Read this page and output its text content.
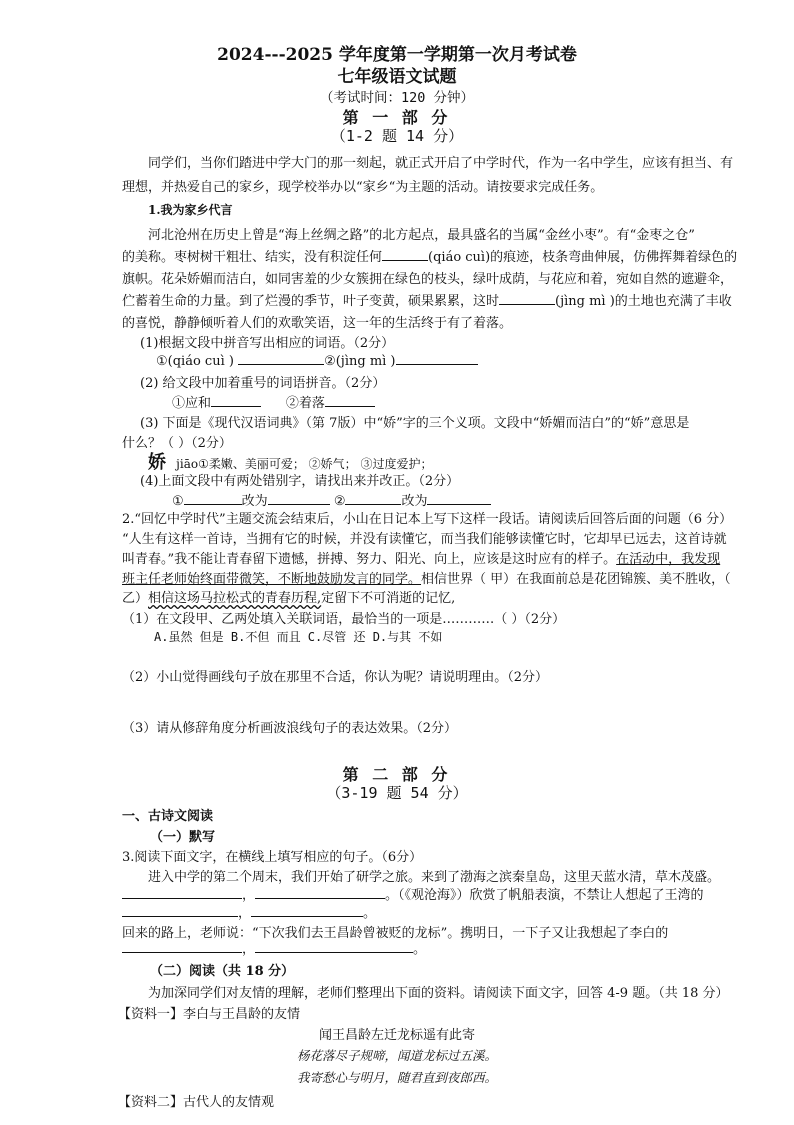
2024---2025 学年度第一学期第一次月考试卷
七年级语文试题
（考试时间：120 分钟）
第 一 部 分
（1-2 题 14 分）
同学们，当你们踏进中学大门的那一刻起，就正式开启了中学时代，作为一名中学生，应该有担当、有
理想，并热爱自己的家乡，现学校举办以“家乡“为主题的活动。请按要求完成任务。
1.我为家乡代言
河北沧州在历史上曾是“海上丝绸之路”的北方起点，最具盛名的当属“金丝小枣”。有“金枣之仓”
的美称。枣树树干粗壮、结实，没有积淀任何	(qiáo cuì)的痕迹，枝条弯曲伸展，仿佛挥舞着绿色的
旗帜。花朵娇媚而洁白，如同害羞的少女簇拥在绿色的枝头，绿叶成荫，与花应和着，宛如自然的遮避伞，
伫蓄着生命的力量。到了烂漫的季节，叶子变黄，硕果累累，这时	(jìng mì )的土地也充满了丰收
的喜悦，静静倾听着人们的欢歌笑语，这一年的生活终于有了着落。
(1)根据文段中拼音写出相应的词语。（2分）
①(qiáo cuì )	②(jìng mì )
(2) 给文段中加着重号的词语拼音。（2分）
①应和	②着落
(3) 下面是《现代汉语词典》（第 7版）中“娇”字的三个义项。文段中“娇媚而洁白”的“娇”意思是
什么？（ ）（2分）
娇 jiāo①柔嫩、美丽可爱； ②娇气； ③过度爱护；
(4)上面文段中有两处错别字，请找出来并改正。（2分）
①	改为	②	改为
2.“回忆中学时代”主题交流会结束后，小山在日记本上写下这样一段话。请阅读后回答后面的问题（6 分）
“人生有这样一首诗，当拥有它的时候，并没有读懂它，而当我们能够读懂它时，它却早已远去，这首诗就
叫青春。”我不能让青春留下遗憾，拼搏、努力、阳光、向上，应该是这时应有的样子。在活动中，我发现
班主任老师始终面带微笑，不断地鼓励发言的同学。相信世界（ 甲）在我面前总是花团锦簇、美不胜收，（
乙）相信这场马拉松式的青春历程,定留下不可消逝的记忆,
（1）在文段甲、乙两处填入关联词语，最恰当的一项是…………（ ）（2分）
A.虽然 但是 B.不但 而且 C.尽管 还 D.与其 不如
（2）小山觉得画线句子放在那里不合适，你认为呢？请说明理由。（2分）
（3）请从修辞角度分析画波浪线句子的表达效果。（2分）
第 二 部 分
（3-19 题 54 分）
一、古诗文阅读
（一）默写
3.阅读下面文字，在横线上填写相应的句子。（6分）
进入中学的第二个周末，我们开始了研学之旅。来到了渤海之滨秦皇岛，这里天蓝水清，草木茂盛。
，	。（《观沧海》）欣赏了帆船表演，不禁让人想起了王湾的
，	。
回来的路上，老师说：“下次我们去王昌龄曾被贬的龙标”。携明日，一下子又让我想起了李白的
，	。
（二）阅读（共 18 分）
为加深同学们对友情的理解，老师们整理出下面的资料。请阅读下面文字，回答 4-9 题。（共 18 分）
【资料一】李白与王昌龄的友情
闻王昌龄左迁龙标遥有此寄
杨花落尽子规啼，闻道龙标过五溪。
我寄愁心与明月，随君直到夜郎西。
【资料二】古代人的友情观
